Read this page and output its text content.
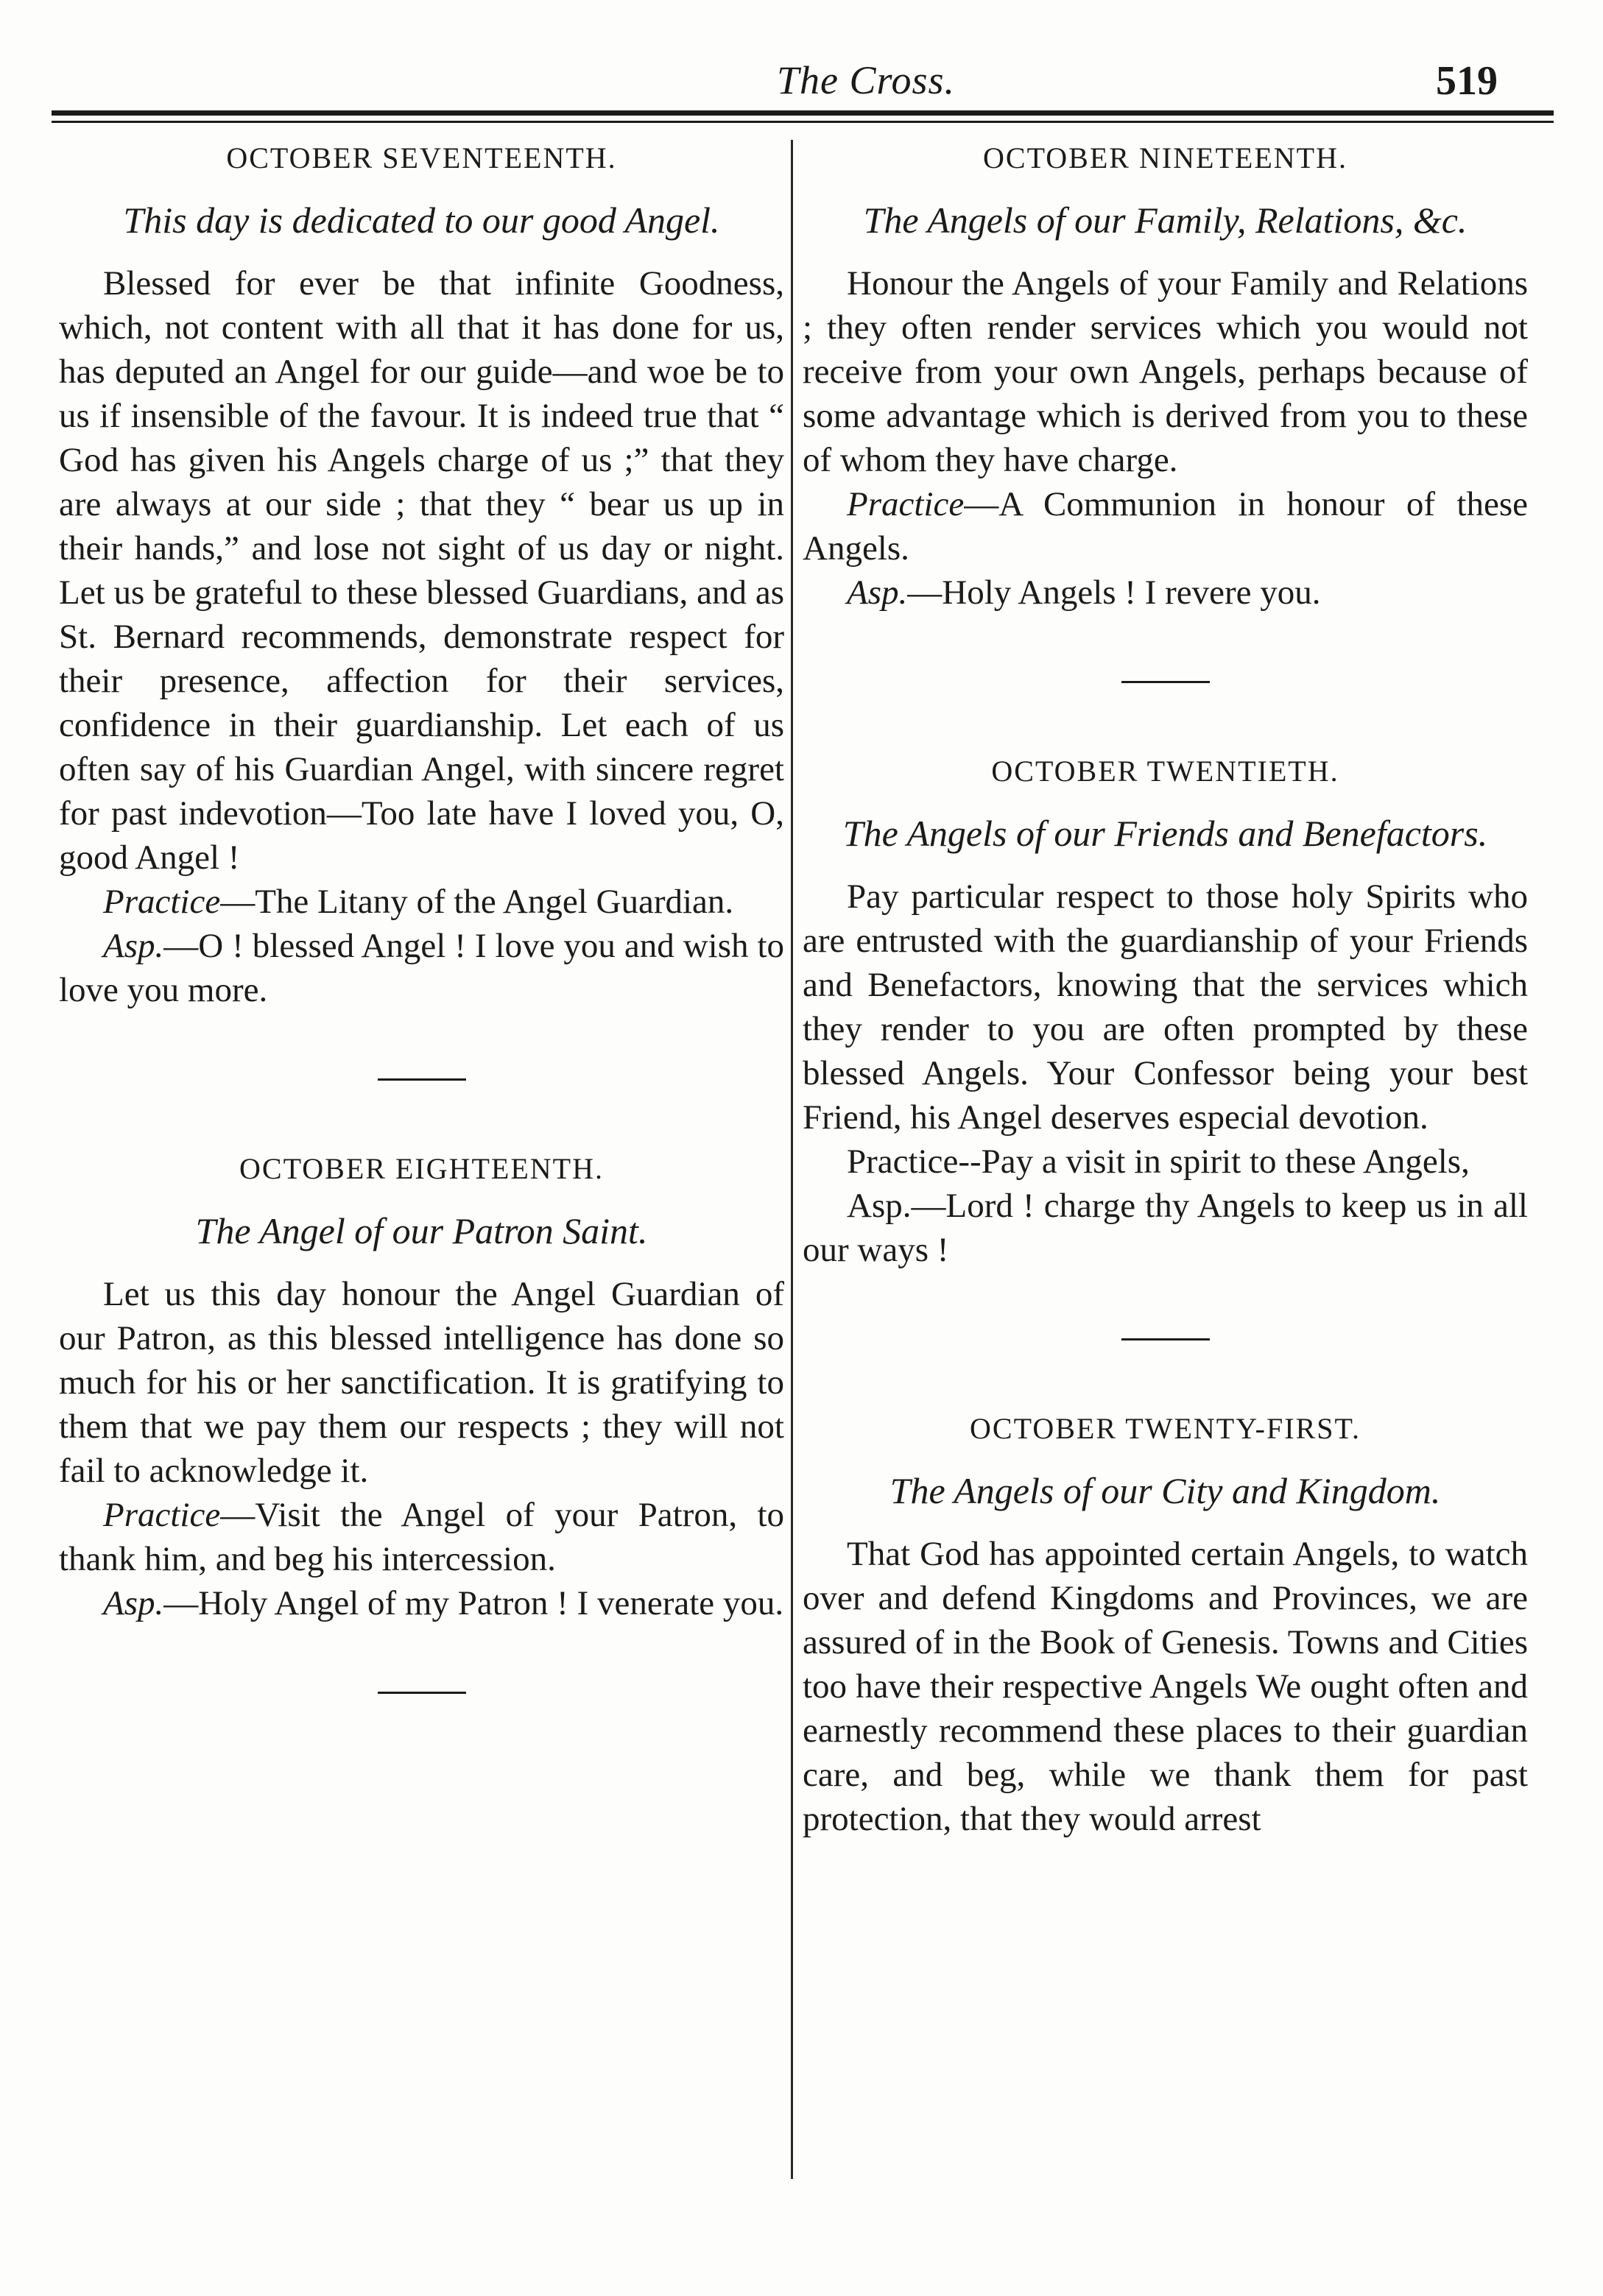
The Cross.	519
OCTOBER SEVENTEENTH.
This day is dedicated to our good Angel.

Blessed for ever be that infinite Goodness, which, not content with all that it has done for us, has deputed an Angel for our guide—and woe be to us if insensible of the favour. It is indeed true that “ God has given his Angels charge of us ;” that they are always at our side ; that they “ bear us up in their hands,” and lose not sight of us day or night. Let us be grateful to these blessed Guardians, and as St. Bernard recommends, demonstrate respect for their presence, affection for their services, confidence in their guardianship. Let each of us often say of his Guardian Angel, with sincere regret for past indevotion—Too late have I loved you, O, good Angel !

Practice—The Litany of the Angel Guardian.

Asp.—O ! blessed Angel ! I love you and wish to love you more.

OCTOBER EIGHTEENTH.
The Angel of our Patron Saint.

Let us this day honour the Angel Guardian of our Patron, as this blessed intelligence has done so much for his or her sanctification. It is gratifying to them that we pay them our respects ; they will not fail to acknowledge it.

Practice—Visit the Angel of your Patron, to thank him, and beg his intercession.

Asp.—Holy Angel of my Patron ! I venerate you.

OCTOBER NINETEENTH.
The Angels of our Family, Relations, &c.

Honour the Angels of your Family and Relations ; they often render services which you would not receive from your own Angels, perhaps because of some advantage which is derived from you to these of whom they have charge.

Practice—A Communion in honour of these Angels.

Asp.—Holy Angels ! I revere you.

OCTOBER TWENTIETH.
The Angels of our Friends and Benefactors.

Pay particular respect to those holy Spirits who are entrusted with the guardianship of your Friends and Benefactors, knowing that the services which they render to you are often prompted by these blessed Angels. Your Confessor being your best Friend, his Angel deserves especial devotion.

Practice--Pay a visit in spirit to these Angels,

Asp.—Lord ! charge thy Angels to keep us in all our ways !

OCTOBER TWENTY-FIRST.
The Angels of our City and Kingdom.

That God has appointed certain Angels, to watch over and defend Kingdoms and Provinces, we are assured of in the Book of Genesis. Towns and Cities too have their respective Angels We ought often and earnestly recommend these places to their guardian care, and beg, while we thank them for past protection, that they would arrest
